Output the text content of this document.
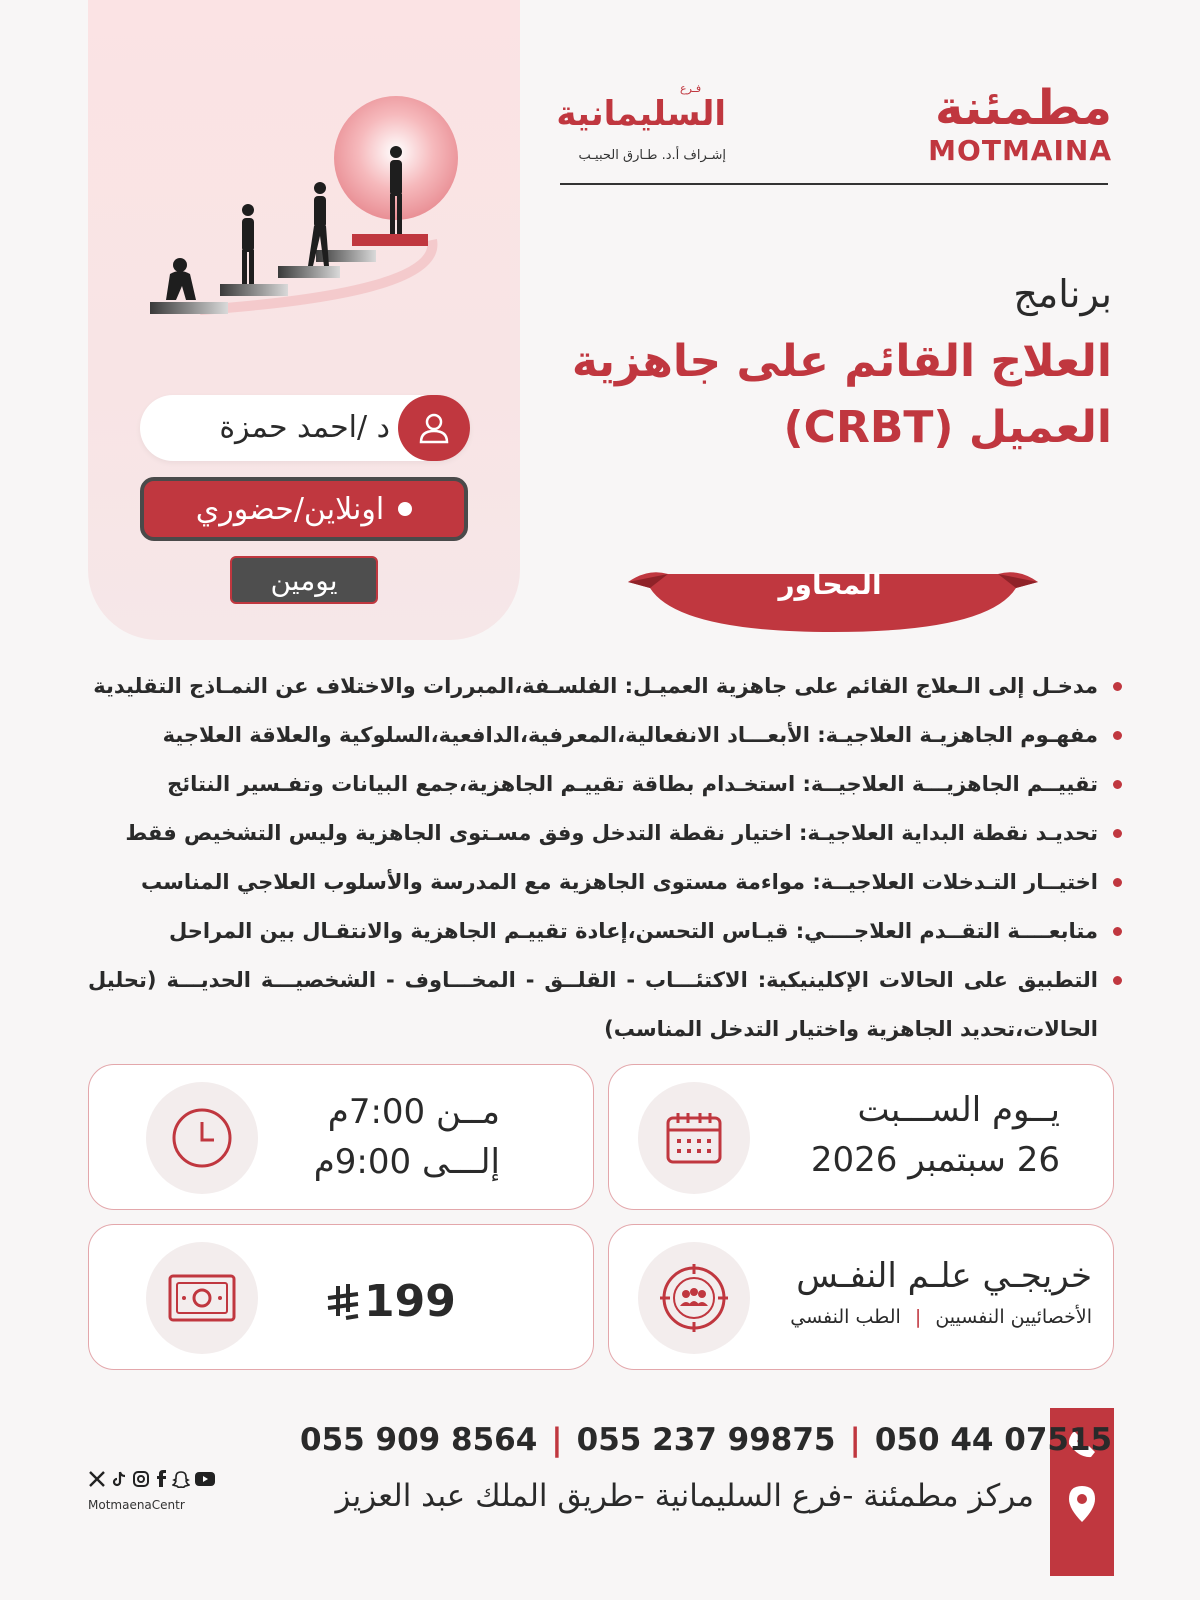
مطمئنة
MOTMAINA
فـرع
السليمانية
إشـراف أ.د. طـارق الحبيـب
برنامج
العلاج القائم على جاهزية
العميل (CRBT)
د /احمد حمزة
اونلاين/حضوري
يومين	المحاور
مدخـل إلى الـعلاج القائم على جاهزية العميـل: الفلسـفة،المبررات والاختلاف عن النمـاذج التقليدية
مفهـوم الجاهزيـة العلاجيـة: الأبعـــاد الانفعالية،المعرفية،الدافعية،السلوكية والعلاقة العلاجية
تقييــم الجاهزيـــة العلاجيــة: استخـدام بطاقة تقييـم الجاهزية،جمع البيانات وتفـسير النتائج
تحديـد نقطة البداية العلاجيـة: اختيار نقطة التدخل وفق مسـتوى الجاهزية وليس التشخيص فقط
اختيــار التـدخلات العلاجيــة: مواءمة مستوى الجاهزية مع المدرسة والأسلوب العلاجي المناسب
متابعــــة التقــدم العلاجــــي: قيـاس التحسن،إعادة تقييـم الجاهزية والانتقـال بين المراحل
التطبيق على الحالات الإكلينيكية: الاكتئـــاب - القلــق - المخـــاوف - الشخصيـــة الحديـــة (تحليل الحالات،تحديد الجاهزية واختيار التدخل المناسب)
يــوم الســـبت
26 سبتمبر 2026
مــن 7:00م
إلـــى 9:00م
خريجـي علـم النفـس
الأخصائيين النفسيين | الطب النفسي
199
055 909 8564 | 055 237 99875 | 050 44 07515
مركز مطمئنة -فرع السليمانية -طريق الملك عبد العزيز
MotmaenaCentr
